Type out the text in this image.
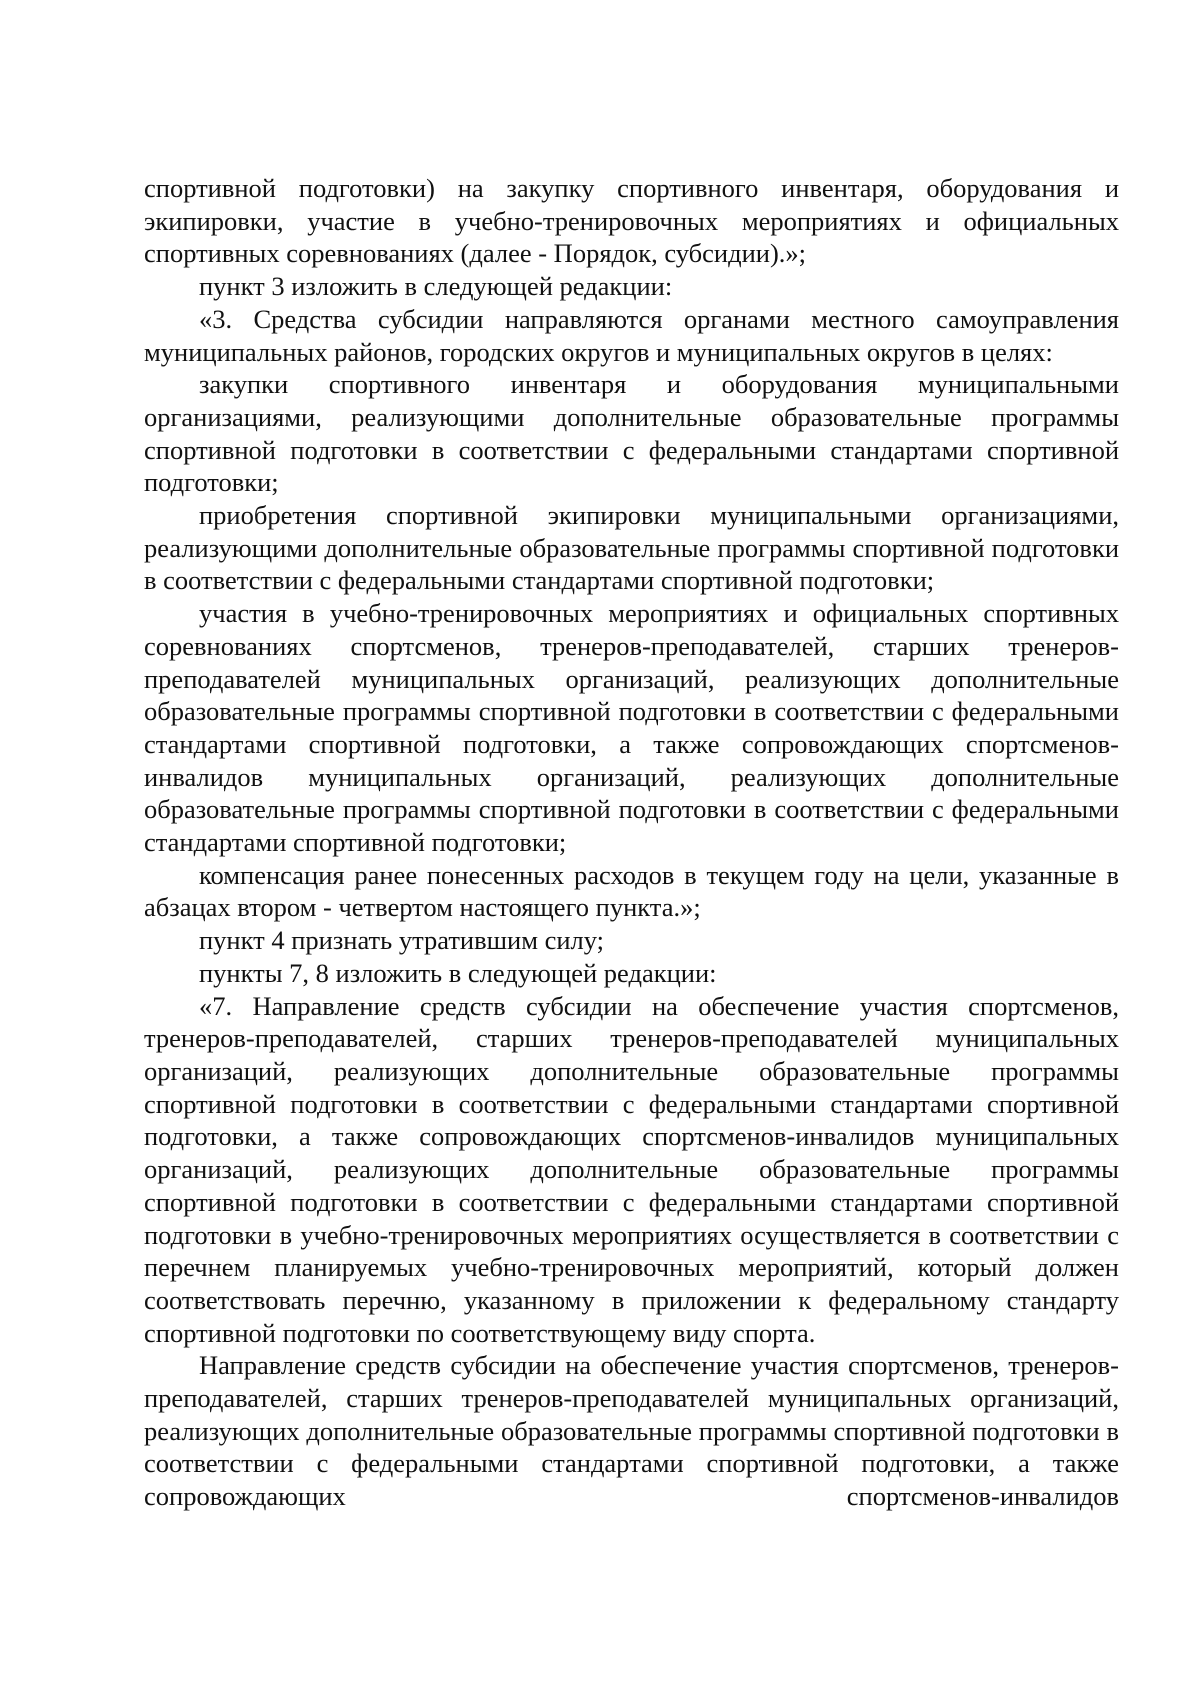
спортивной подготовки) на закупку спортивного инвентаря, оборудования и экипировки, участие в учебно-тренировочных мероприятиях и официальных спортивных соревнованиях (далее - Порядок, субсидии).»;

пункт 3 изложить в следующей редакции:

«3. Средства субсидии направляются органами местного самоуправления муниципальных районов, городских округов и муниципальных округов в целях:

закупки спортивного инвентаря и оборудования муниципальными организациями, реализующими дополнительные образовательные программы спортивной подготовки в соответствии с федеральными стандартами спортивной подготовки;

приобретения спортивной экипировки муниципальными организациями, реализующими дополнительные образовательные программы спортивной подготовки в соответствии с федеральными стандартами спортивной подготовки;

участия в учебно-тренировочных мероприятиях и официальных спортивных соревнованиях спортсменов, тренеров-преподавателей, старших тренеров-преподавателей муниципальных организаций, реализующих дополнительные образовательные программы спортивной подготовки в соответствии с федеральными стандартами спортивной подготовки, а также сопровождающих спортсменов-инвалидов муниципальных организаций, реализующих дополнительные образовательные программы спортивной подготовки в соответствии с федеральными стандартами спортивной подготовки;

компенсация ранее понесенных расходов в текущем году на цели, указанные в абзацах втором - четвертом настоящего пункта.»;

пункт 4 признать утратившим силу;

пункты 7, 8 изложить в следующей редакции:

«7. Направление средств субсидии на обеспечение участия спортсменов, тренеров-преподавателей, старших тренеров-преподавателей муниципальных организаций, реализующих дополнительные образовательные программы спортивной подготовки в соответствии с федеральными стандартами спортивной подготовки, а также сопровождающих спортсменов-инвалидов муниципальных организаций, реализующих дополнительные образовательные программы спортивной подготовки в соответствии с федеральными стандартами спортивной подготовки в учебно-тренировочных мероприятиях осуществляется в соответствии с перечнем планируемых учебно-тренировочных мероприятий, который должен соответствовать перечню, указанному в приложении к федеральному стандарту спортивной подготовки по соответствующему виду спорта.

Направление средств субсидии на обеспечение участия спортсменов, тренеров-преподавателей, старших тренеров-преподавателей муниципальных организаций, реализующих дополнительные образовательные программы спортивной подготовки в соответствии с федеральными стандартами спортивной подготовки, а также сопровождающих спортсменов-инвалидов
